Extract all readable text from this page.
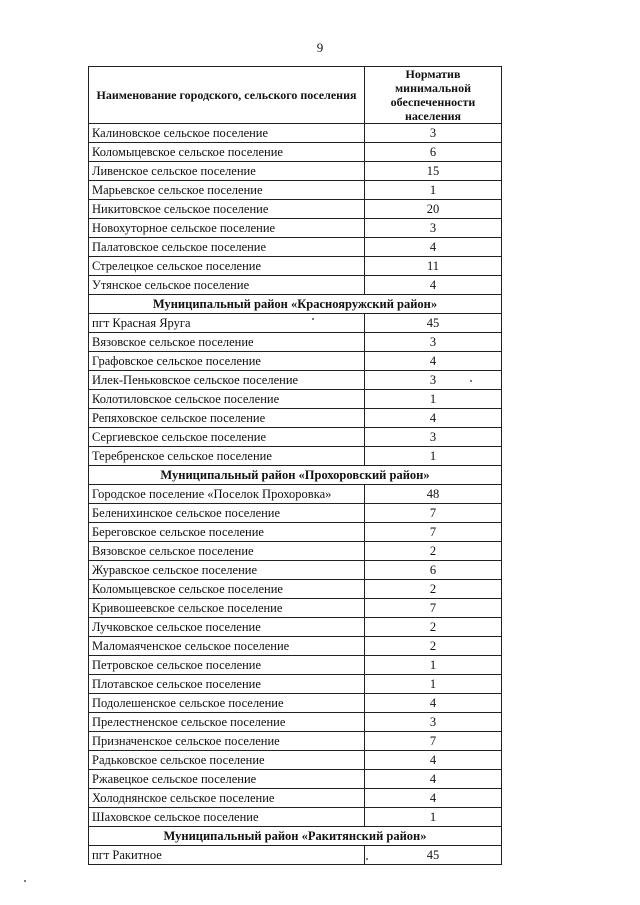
9
Наименование городского, сельского поселения	Норматив минимальной обеспеченности населения
Калиновское сельское поселение	3
Коломыцевское сельское поселение	6
Ливенское сельское поселение	15
Марьевское сельское поселение	1
Никитовское сельское поселение	20
Новохуторное сельское поселение	3
Палатовское сельское поселение	4
Стрелецкое сельское поселение	11
Утянское сельское поселение	4
Муниципальный район «Краснояружский район»	
пгт Красная Яруга	45
Вязовское сельское поселение	3
Графовское сельское поселение	4
Илек-Пеньковское сельское поселение	3
Колотиловское сельское поселение	1
Репяховское сельское поселение	4
Сергиевское сельское поселение	3
Теребренское сельское поселение	1
Муниципальный район «Прохоровский район»	
Городское поселение «Поселок Прохоровка»	48
Беленихинское сельское поселение	7
Береговское сельское поселение	7
Вязовское сельское поселение	2
Журавское сельское поселение	6
Коломыцевское сельское поселение	2
Кривошеевское сельское поселение	7
Лучковское сельское поселение	2
Маломаяченское сельское поселение	2
Петровское сельское поселение	1
Плотавское сельское поселение	1
Подолешенское сельское поселение	4
Прелестненское сельское поселение	3
Призначенское сельское поселение	7
Радьковское сельское поселение	4
Ржавецкое сельское поселение	4
Холоднянское сельское поселение	4
Шаховское сельское поселение	1
Муниципальный район «Ракитянский район»	
пгт Ракитное	45
